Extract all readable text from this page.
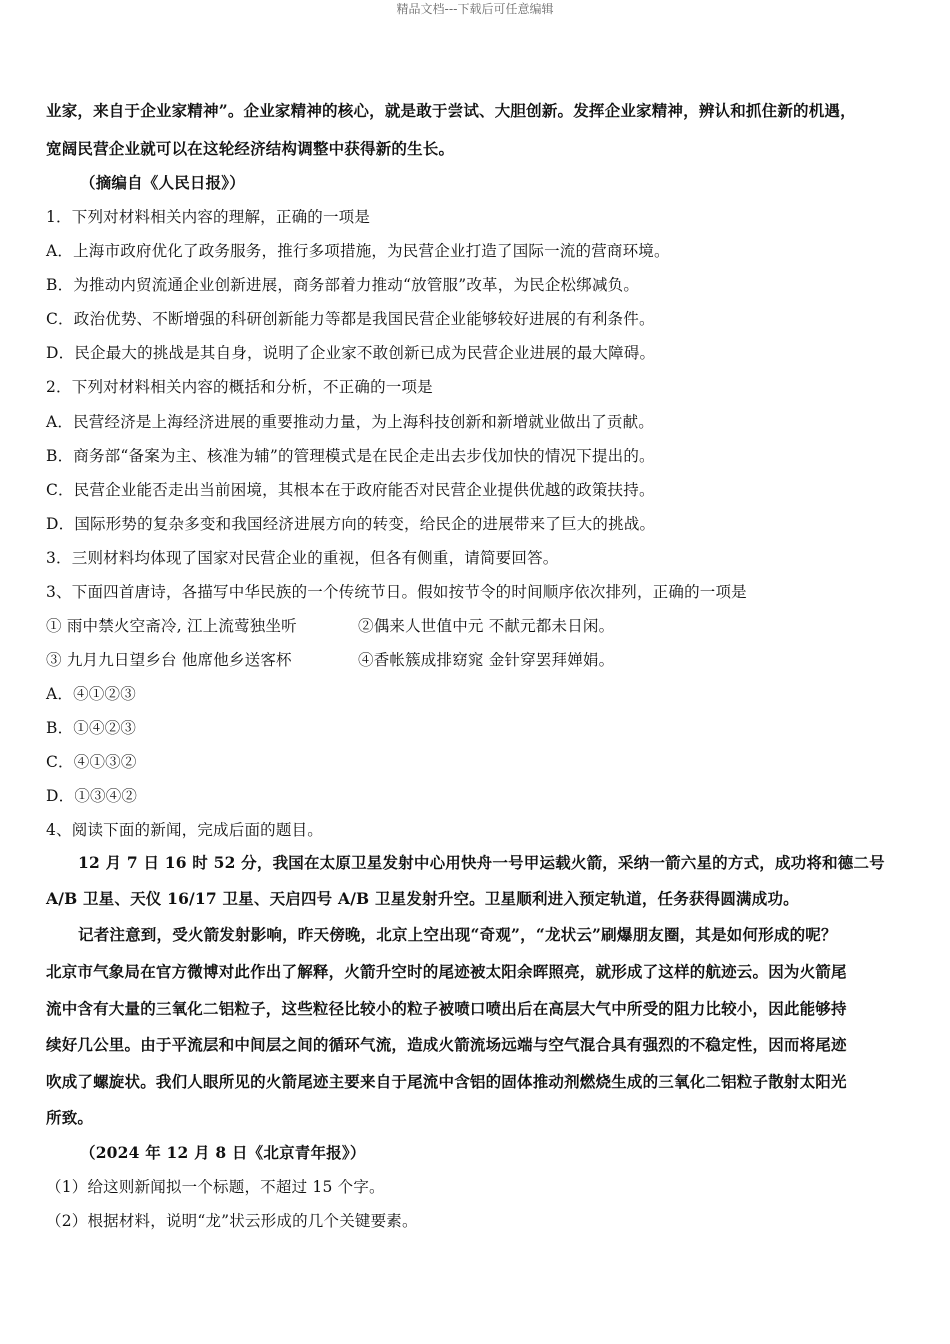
精品文档---下载后可任意编辑
业家，来自于企业家精神”。企业家精神的核心，就是敢于尝试、大胆创新。发挥企业家精神，辨认和抓住新的机遇，
宽阔民营企业就可以在这轮经济结构调整中获得新的生长。
（摘编自《人民日报》）
1．下列对材料相关内容的理解，正确的一项是
A．上海市政府优化了政务服务，推行多项措施，为民营企业打造了国际一流的营商环境。
B．为推动内贸流通企业创新进展，商务部着力推动“放管服”改革，为民企松绑减负。
C．政治优势、不断增强的科研创新能力等都是我国民营企业能够较好进展的有利条件。
D．民企最大的挑战是其自身，说明了企业家不敢创新已成为民营企业进展的最大障碍。
2．下列对材料相关内容的概括和分析，不正确的一项是
A．民营经济是上海经济进展的重要推动力量，为上海科技创新和新增就业做出了贡献。
B．商务部“备案为主、核准为辅”的管理模式是在民企走出去步伐加快的情况下提出的。
C．民营企业能否走出当前困境，其根本在于政府能否对民营企业提供优越的政策扶持。
D．国际形势的复杂多变和我国经济进展方向的转变，给民企的进展带来了巨大的挑战。
3．三则材料均体现了国家对民营企业的重视，但各有侧重，请简要回答。
3、下面四首唐诗，各描写中华民族的一个传统节日。假如按节令的时间顺序依次排列，正确的一项是
① 雨中禁火空斋冷, 江上流莺独坐听	②偶来人世值中元 不献元都未日闲。
③ 九月九日望乡台 他席他乡送客杯	④香帐簇成排窈窕 金针穿罢拜婵娟。
A．④①②③
B．①④②③
C．④①③②
D．①③④②
4、阅读下面的新闻，完成后面的题目。
12 月 7 日 16 时 52 分，我国在太原卫星发射中心用快舟一号甲运载火箭，采纳一箭六星的方式，成功将和德二号
A/B 卫星、天仪 16/17 卫星、天启四号 A/B 卫星发射升空。卫星顺利进入预定轨道，任务获得圆满成功。
记者注意到，受火箭发射影响，昨天傍晚，北京上空出现“奇观”，“龙状云”刷爆朋友圈，其是如何形成的呢？
北京市气象局在官方微博对此作出了解释，火箭升空时的尾迹被太阳余晖照亮，就形成了这样的航迹云。因为火箭尾
流中含有大量的三氧化二铝粒子，这些粒径比较小的粒子被喷口喷出后在高层大气中所受的阻力比较小，因此能够持
续好几公里。由于平流层和中间层之间的循环气流，造成火箭流场远端与空气混合具有强烈的不稳定性，因而将尾迹
吹成了螺旋状。我们人眼所见的火箭尾迹主要来自于尾流中含铝的固体推动剂燃烧生成的三氧化二铝粒子散射太阳光
所致。
（2024 年 12 月 8 日《北京青年报》）
（1）给这则新闻拟一个标题，不超过 15 个字。
（2）根据材料，说明“龙”状云形成的几个关键要素。
